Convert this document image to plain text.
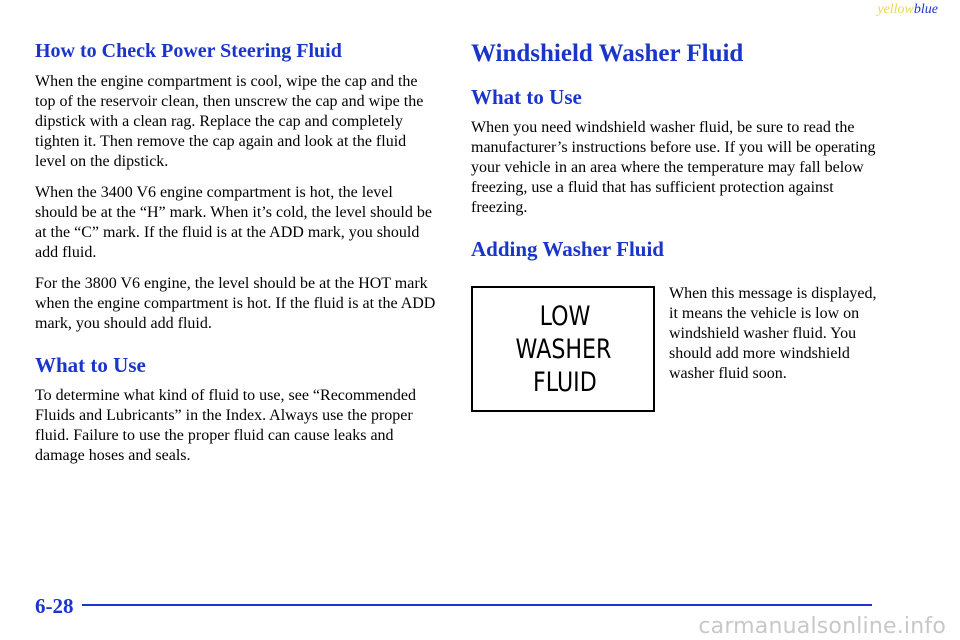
yellowblue
How to Check Power Steering Fluid

When the engine compartment is cool, wipe the cap and the top of the reservoir clean, then unscrew the cap and wipe the dipstick with a clean rag. Replace the cap and completely tighten it. Then remove the cap again and look at the fluid level on the dipstick.

When the 3400 V6 engine compartment is hot, the level should be at the “H” mark. When it’s cold, the level should be at the “C” mark. If the fluid is at the ADD mark, you should add fluid.

For the 3800 V6 engine, the level should be at the HOT mark when the engine compartment is hot. If the fluid is at the ADD mark, you should add fluid.

What to Use

To determine what kind of fluid to use, see “Recommended Fluids and Lubricants” in the Index. Always use the proper fluid. Failure to use the proper fluid can cause leaks and damage hoses and seals.

Windshield Washer Fluid
What to Use

When you need windshield washer fluid, be sure to read the manufacturer’s instructions before use. If you will be operating your vehicle in an area where the temperature may fall below freezing, use a fluid that has sufficient protection against freezing.

Adding Washer Fluid
LOW
WASHER
FLUID
When this message is displayed, it means the vehicle is low on windshield washer fluid. You should add more windshield washer fluid soon.
6-28
carmanualsonline.info
